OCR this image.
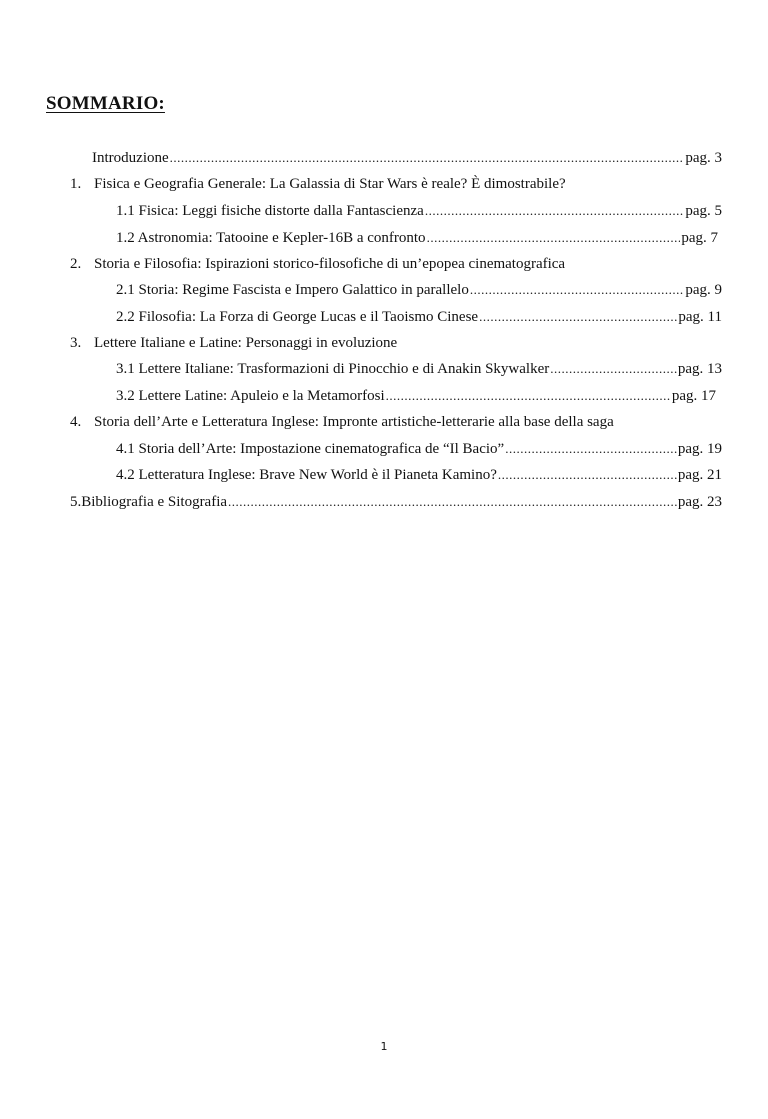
SOMMARIO:
Introduzione .....	pag. 3
1. Fisica e Geografia Generale: La Galassia di Star Wars è reale? È dimostrabile?
1.1 Fisica: Leggi fisiche distorte dalla Fantascienza .....	pag. 5
1.2 Astronomia: Tatooine e Kepler-16B a confronto .....	pag. 7
2. Storia e Filosofia: Ispirazioni storico-filosofiche di un’epopea cinematografica
2.1 Storia: Regime Fascista e Impero Galattico in parallelo .....	pag. 9
2.2 Filosofia: La Forza di George Lucas e il Taoismo Cinese .....	pag. 11
3. Lettere Italiane e Latine: Personaggi in evoluzione
3.1 Lettere Italiane: Trasformazioni di Pinocchio e di Anakin Skywalker .....	pag. 13
3.2 Lettere Latine: Apuleio e la Metamorfosi .....	pag. 17
4. Storia dell’Arte e Letteratura Inglese: Impronte artistiche-letterarie alla base della saga
4.1 Storia dell’Arte: Impostazione cinematografica de “Il Bacio” .....	pag. 19
4.2 Letteratura Inglese: Brave New World è il Pianeta Kamino? .....	pag. 21
5. Bibliografia e Sitografia .....	pag. 23
1
